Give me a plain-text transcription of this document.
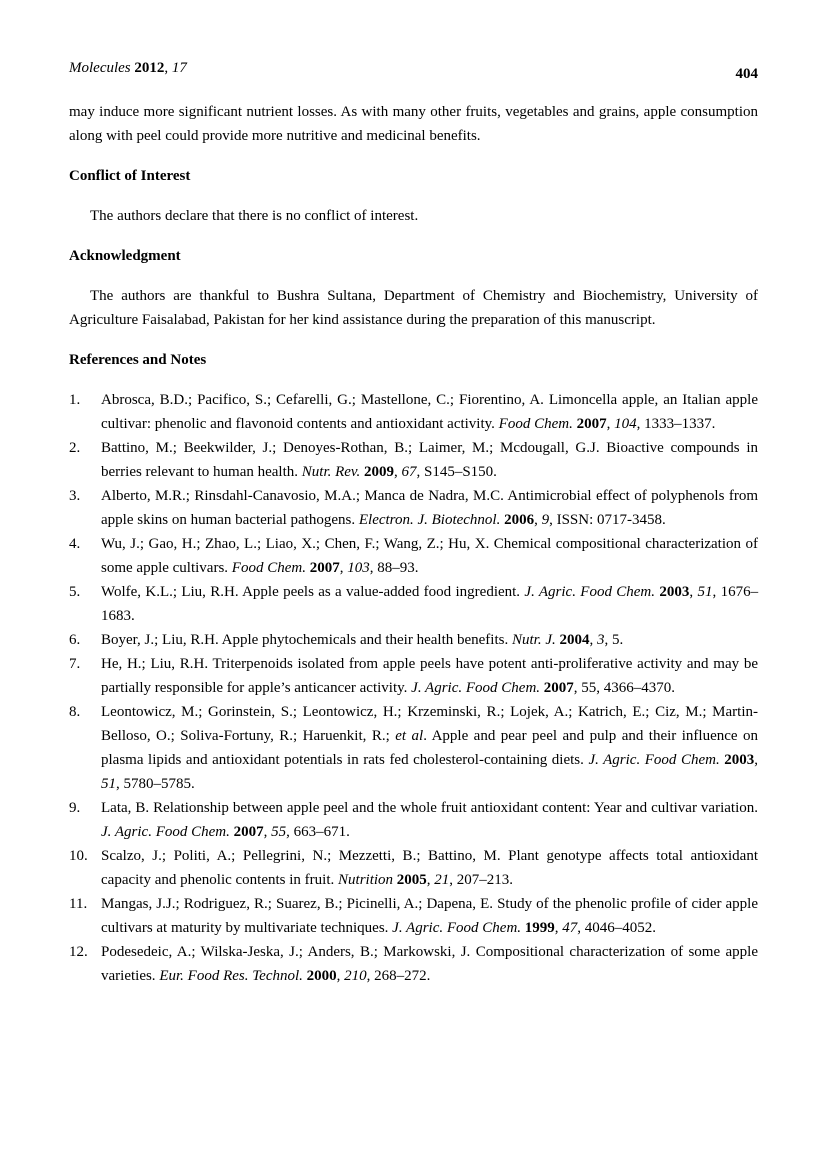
Molecules 2012, 17	404

may induce more significant nutrient losses. As with many other fruits, vegetables and grains, apple consumption along with peel could provide more nutritive and medicinal benefits.

Conflict of Interest

The authors declare that there is no conflict of interest.

Acknowledgment

The authors are thankful to Bushra Sultana, Department of Chemistry and Biochemistry, University of Agriculture Faisalabad, Pakistan for her kind assistance during the preparation of this manuscript.

References and Notes
1.	Abrosca, B.D.; Pacifico, S.; Cefarelli, G.; Mastellone, C.; Fiorentino, A. Limoncella apple, an Italian apple cultivar: phenolic and flavonoid contents and antioxidant activity. Food Chem. 2007, 104, 1333–1337.
2.	Battino, M.; Beekwilder, J.; Denoyes-Rothan, B.; Laimer, M.; Mcdougall, G.J. Bioactive compounds in berries relevant to human health. Nutr. Rev. 2009, 67, S145–S150.
3.	Alberto, M.R.; Rinsdahl-Canavosio, M.A.; Manca de Nadra, M.C. Antimicrobial effect of polyphenols from apple skins on human bacterial pathogens. Electron. J. Biotechnol. 2006, 9, ISSN: 0717-3458.
4.	Wu, J.; Gao, H.; Zhao, L.; Liao, X.; Chen, F.; Wang, Z.; Hu, X. Chemical compositional characterization of some apple cultivars. Food Chem. 2007, 103, 88–93.
5.	Wolfe, K.L.; Liu, R.H. Apple peels as a value-added food ingredient. J. Agric. Food Chem. 2003, 51, 1676–1683.
6.	Boyer, J.; Liu, R.H. Apple phytochemicals and their health benefits. Nutr. J. 2004, 3, 5.
7.	He, H.; Liu, R.H. Triterpenoids isolated from apple peels have potent anti-proliferative activity and may be partially responsible for apple’s anticancer activity. J. Agric. Food Chem. 2007, 55, 4366–4370.
8.	Leontowicz, M.; Gorinstein, S.; Leontowicz, H.; Krzeminski, R.; Lojek, A.; Katrich, E.; Ciz, M.; Martin-Belloso, O.; Soliva-Fortuny, R.; Haruenkit, R.; et al. Apple and pear peel and pulp and their influence on plasma lipids and antioxidant potentials in rats fed cholesterol-containing diets. J. Agric. Food Chem. 2003, 51, 5780–5785.
9.	Lata, B. Relationship between apple peel and the whole fruit antioxidant content: Year and cultivar variation. J. Agric. Food Chem. 2007, 55, 663–671.
10. Scalzo, J.; Politi, A.; Pellegrini, N.; Mezzetti, B.; Battino, M. Plant genotype affects total antioxidant capacity and phenolic contents in fruit. Nutrition 2005, 21, 207–213.
11. Mangas, J.J.; Rodriguez, R.; Suarez, B.; Picinelli, A.; Dapena, E. Study of the phenolic profile of cider apple cultivars at maturity by multivariate techniques. J. Agric. Food Chem. 1999, 47, 4046–4052.
12. Podesedeic, A.; Wilska-Jeska, J.; Anders, B.; Markowski, J. Compositional characterization of some apple varieties. Eur. Food Res. Technol. 2000, 210, 268–272.
